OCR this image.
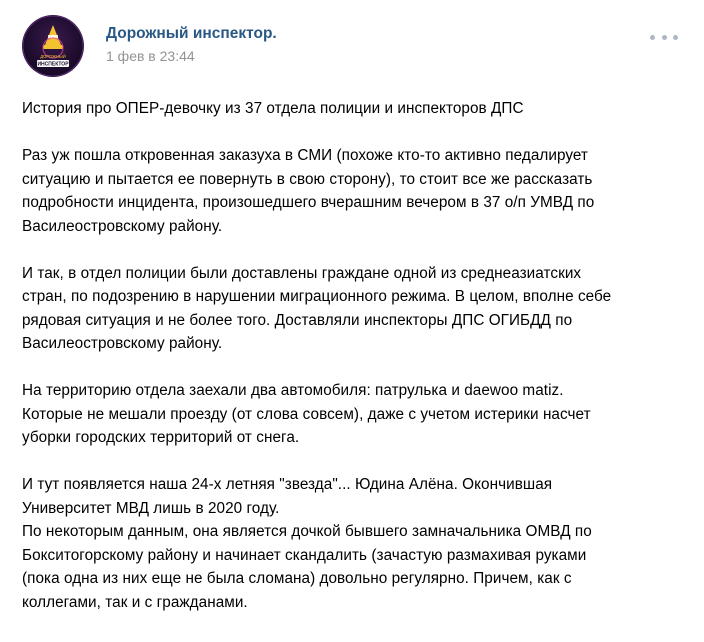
ДОРОЖНЫЙ
ИНСПЕКТОР
Дорожный инспектор.
1 фев в 23:44

История про ОПЕР-девочку из 37 отдела полиции и инспекторов ДПС

Раз уж пошла откровенная заказуха в СМИ (похоже кто-то активно педалирует
ситуацию и пытается ее повернуть в свою сторону), то стоит все же рассказать
подробности инцидента, произошедшего вчерашним вечером в 37 о/п УМВД по
Василеостровскому району.

И так, в отдел полиции были доставлены граждане одной из среднеазиатских
стран, по подозрению в нарушении миграционного режима. В целом, вполне себе
рядовая ситуация и не более того. Доставляли инспекторы ДПС ОГИБДД по
Василеостровскому району.

На территорию отдела заехали два автомобиля: патрулька и daewoo matiz.
Которые не мешали проезду (от слова совсем), даже с учетом истерики насчет
уборки городских территорий от снега.

И тут появляется наша 24-х летняя "звезда"... Юдина Алёна. Окончившая
Университет МВД лишь в 2020 году.
По некоторым данным, она является дочкой бывшего замначальника ОМВД по
Бокситогорскому району и начинает скандалить (зачастую размахивая руками
(пока одна из них еще не была сломана) довольно регулярно. Причем, как с
коллегами, так и с гражданами.
